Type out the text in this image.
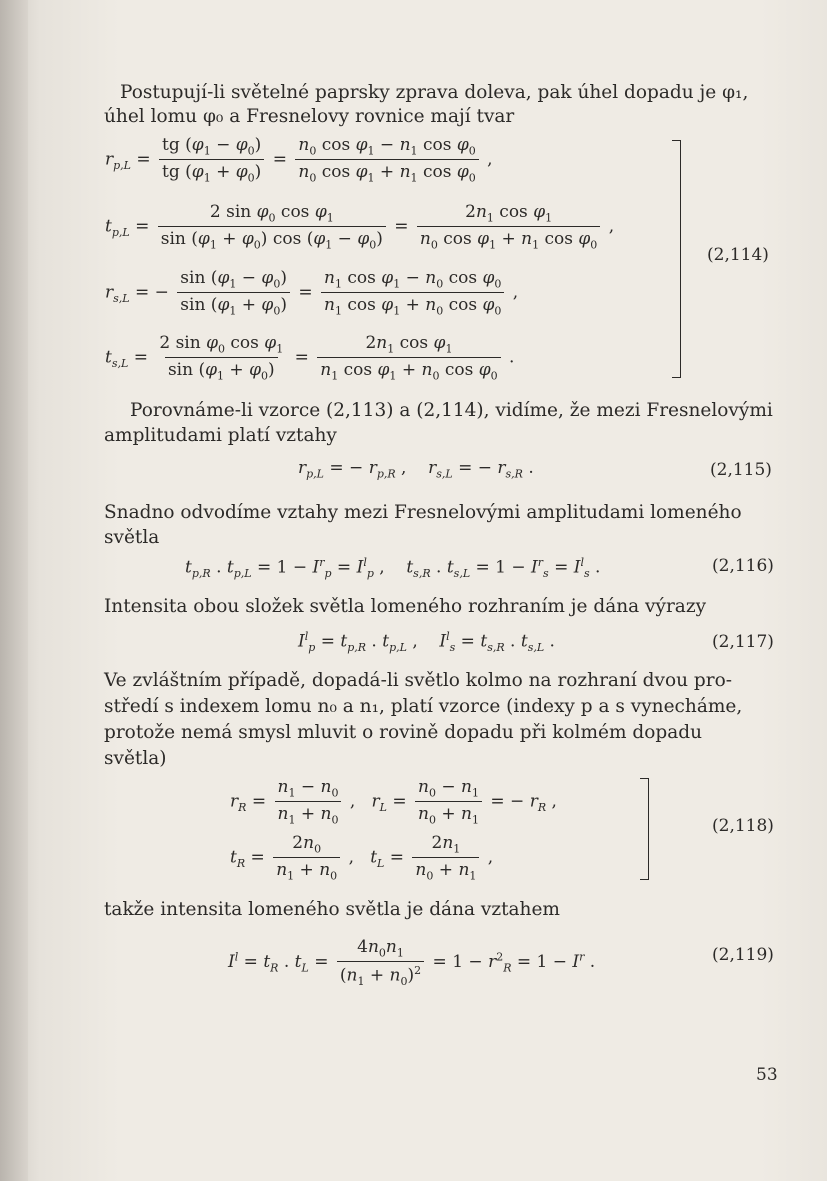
Postupují-li světelné paprsky zprava doleva, pak úhel dopadu je φ₁,
úhel lomu φ₀ a Fresnelovy rovnice mají tvar
$r_{p,L} = \frac{tg (\varphi_1 - \varphi_0)}{tg (\varphi_1 + \varphi_0)} = \frac{n_0 \cos \varphi_1 - n_1 \cos \varphi_0}{n_0 \cos \varphi_1 + n_1 \cos \varphi_0}$ ,
$t_{p,L} = \frac{2 \sin \varphi_0 \cos \varphi_1}{\sin (\varphi_1 + \varphi_0) \cos (\varphi_1 - \varphi_0)} = \frac{2n_1 \cos \varphi_1}{n_0 \cos \varphi_1 + n_1 \cos \varphi_0}$ ,
$r_{s,L}$ = − $\frac{\sin (\varphi_1 - \varphi_0)}{\sin (\varphi_1 + \varphi_0)} = \frac{n_1 \cos \varphi_1 - n_0 \cos \varphi_0}{n_1 \cos \varphi_1 + n_0 \cos \varphi_0}$ ,
$t_{s,L} = \frac{2 \sin \varphi_0 \cos \varphi_1}{\sin (\varphi_1 + \varphi_0)} = \frac{2n_1 \cos \varphi_1}{n_1 \cos \varphi_1 + n_0 \cos \varphi_0}$ .
(2,114)
Porovnáme-li vzorce (2,113) a (2,114), vidíme, že mezi Fresnelovými
amplitudami platí vztahy
$r_{p,L}$ = − $r_{p,R}$ ,    $r_{s,L}$ = − $r_{s,R}$ .	(2,115)
Snadno odvodíme vztahy mezi Fresnelovými amplitudami lomeného
světla
$t_{p,R}$ . $t_{p,L} = 1 - I^r_p = I^l_p$ ,    $t_{s,R}$ . $t_{s,L} = 1 - I^r_s = I^l_s$ .	(2,116)
Intensita obou složek světla lomeného rozhraním je dána výrazy
$I^l_p = t_{p,R}$ . $t_{p,L}$ ,    $I^l_s = t_{s,R}$ . $t_{s,L}$ .	(2,117)
Ve zvláštním případě, dopadá-li světlo kolmo na rozhraní dvou pro-
středí s indexem lomu n₀ a n₁, platí vzorce (indexy p a s vynecháme,
protože nemá smysl mluvit o rovině dopadu při kolmém dopadu
světla)
$r_R = \frac{n_1 - n_0}{n_1 + n_0}$ ,   $r_L = \frac{n_0 - n_1}{n_0 + n_1}$ = − $r_R$ ,
$t_R = \frac{2n_0}{n_1 + n_0}$ ,   $t_L = \frac{2n_1}{n_0 + n_1}$ ,
(2,118)
takže intensita lomeného světla je dána vztahem
$I^l = t_R$ . $t_L = \frac{4n_0n_1}{(n_1 + n_0)^2} = 1 - r^2_R = 1 - I^r$ .	(2,119)
53
